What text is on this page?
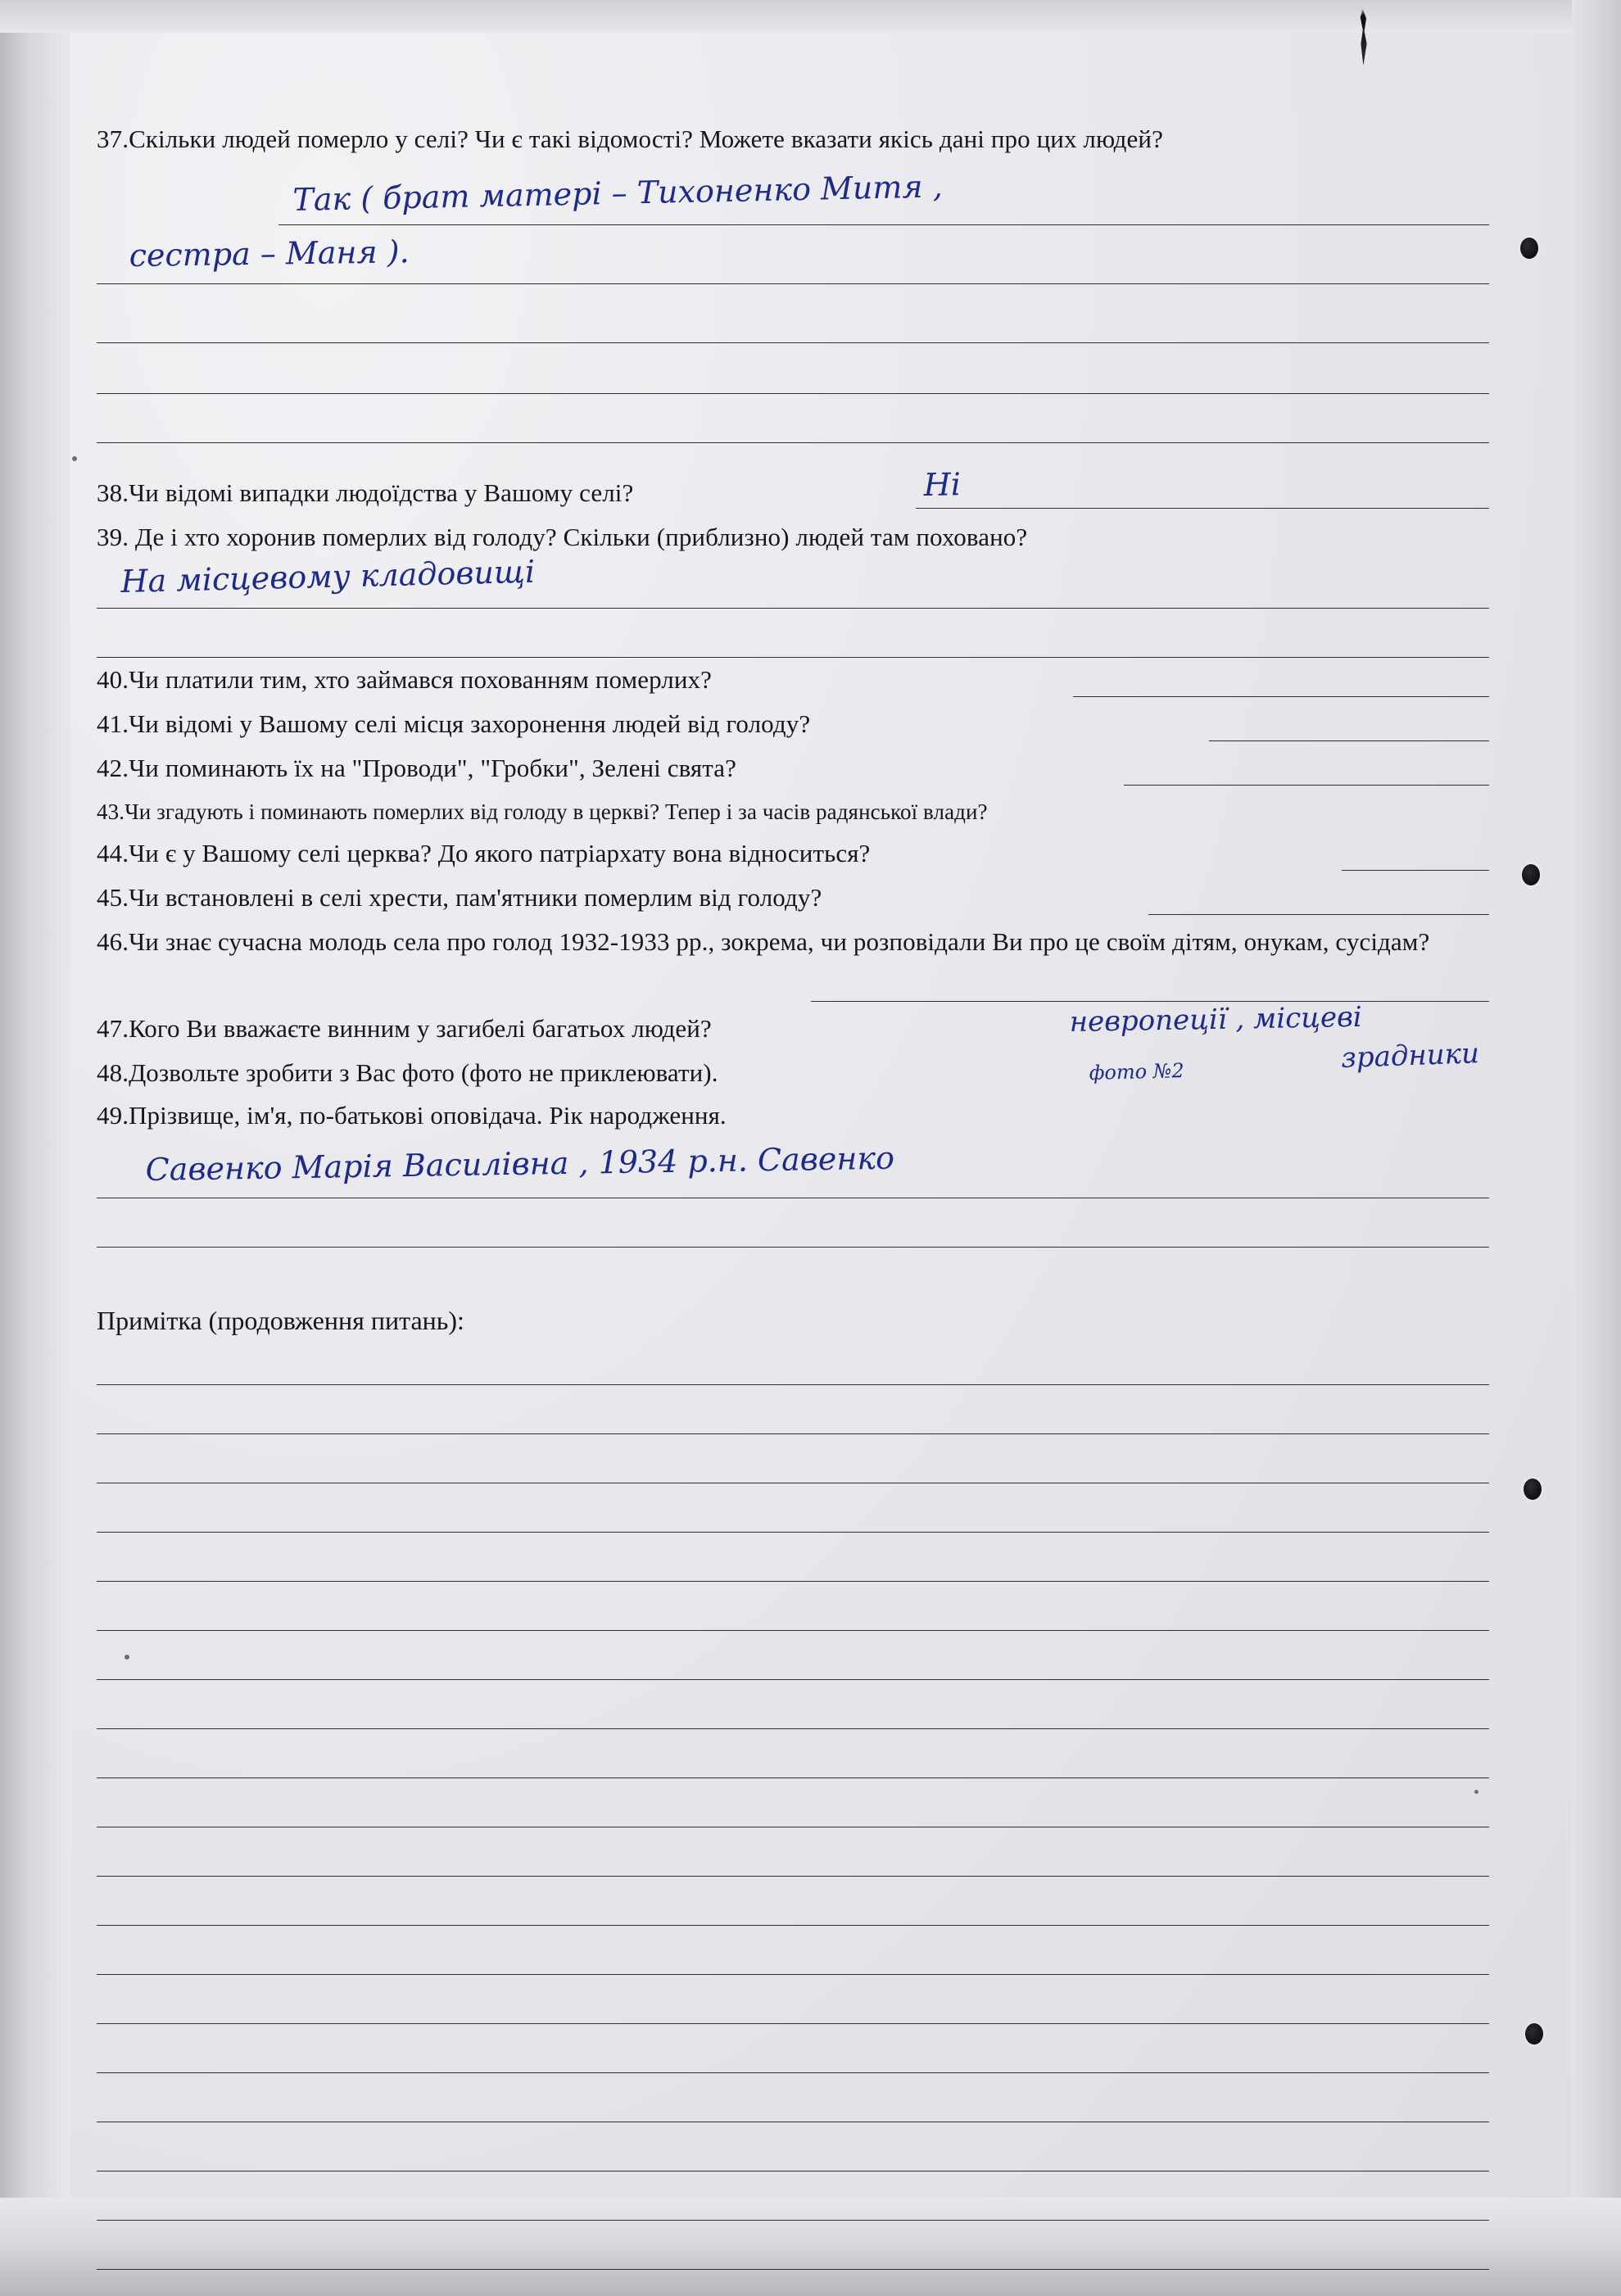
37.Скільки людей померло у селі? Чи є такі відомості? Можете вказати якісь дані про цих людей?
Так ( брат матері – Тихоненко Митя ,
сестра – Маня ).
38.Чи відомі випадки людоїдства у Вашому селі?	Ні
39. Де і хто хоронив померлих від голоду? Скільки (приблизно) людей там поховано?
На місцевому кладовищі
40.Чи платили тим, хто займався похованням померлих?
41.Чи відомі у Вашому селі місця захоронення людей від голоду?
42.Чи поминають їх на "Проводи", "Гробки", Зелені свята?
43.Чи згадують і поминають померлих від голоду в церкві? Тепер і за часів радянської влади?
44.Чи є у Вашому селі церква? До якого патріархату вона відноситься?
45.Чи встановлені в селі хрести, пам'ятники померлим від голоду?
46.Чи знає сучасна молодь села про голод 1932-1933 рр., зокрема, чи розповідали Ви про це своїм дітям, онукам, сусідам?
47.Кого Ви вважаєте винним у загибелі багатьох людей?	невропеції , місцеві
зрадники
48.Дозвольте зробити з Вас фото (фото не приклеювати).	фото №2
49.Прізвище, ім'я, по-батькові оповідача. Рік народження.
Савенко Марія Василівна , 1934 р.н. Савенко
Примітка (продовження питань):
